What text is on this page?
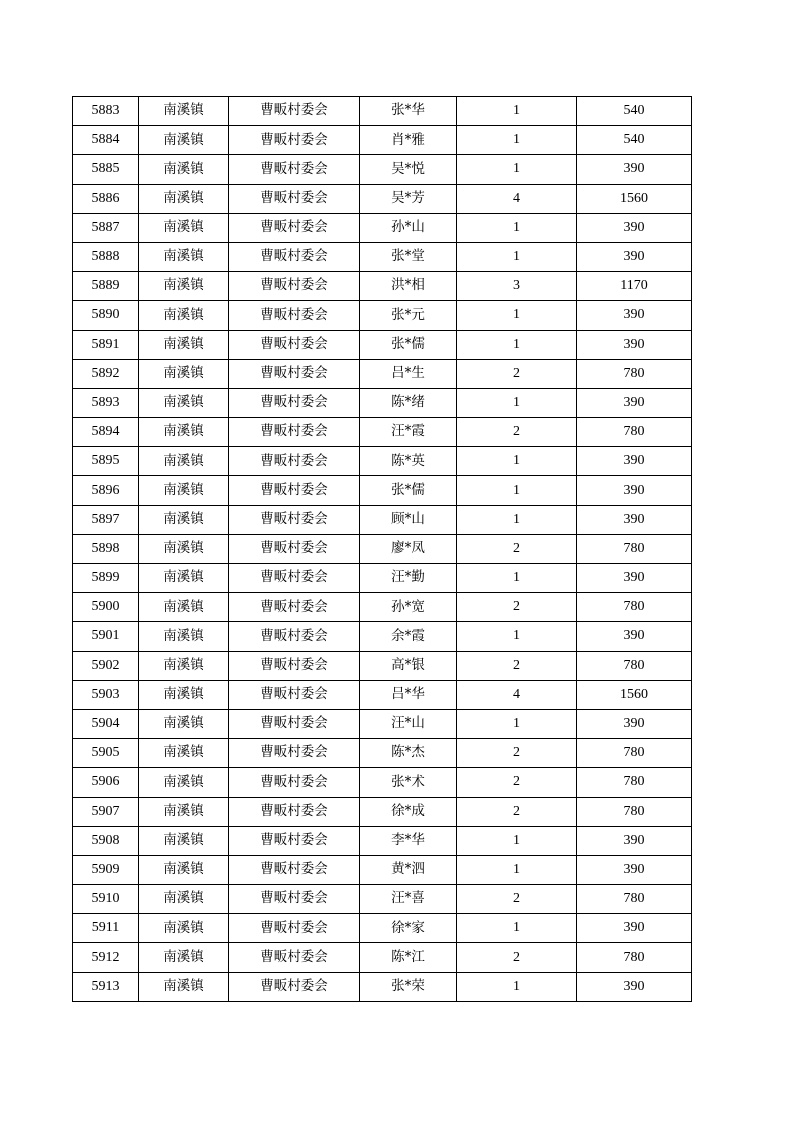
5883	南溪镇	曹畈村委会	张*华	1	540
5884	南溪镇	曹畈村委会	肖*雅	1	540
5885	南溪镇	曹畈村委会	吴*悦	1	390
5886	南溪镇	曹畈村委会	吴*芳	4	1560
5887	南溪镇	曹畈村委会	孙*山	1	390
5888	南溪镇	曹畈村委会	张*堂	1	390
5889	南溪镇	曹畈村委会	洪*相	3	1170
5890	南溪镇	曹畈村委会	张*元	1	390
5891	南溪镇	曹畈村委会	张*儒	1	390
5892	南溪镇	曹畈村委会	吕*生	2	780
5893	南溪镇	曹畈村委会	陈*绪	1	390
5894	南溪镇	曹畈村委会	汪*霞	2	780
5895	南溪镇	曹畈村委会	陈*英	1	390
5896	南溪镇	曹畈村委会	张*儒	1	390
5897	南溪镇	曹畈村委会	顾*山	1	390
5898	南溪镇	曹畈村委会	廖*凤	2	780
5899	南溪镇	曹畈村委会	汪*勤	1	390
5900	南溪镇	曹畈村委会	孙*宽	2	780
5901	南溪镇	曹畈村委会	余*霞	1	390
5902	南溪镇	曹畈村委会	高*银	2	780
5903	南溪镇	曹畈村委会	吕*华	4	1560
5904	南溪镇	曹畈村委会	汪*山	1	390
5905	南溪镇	曹畈村委会	陈*杰	2	780
5906	南溪镇	曹畈村委会	张*术	2	780
5907	南溪镇	曹畈村委会	徐*成	2	780
5908	南溪镇	曹畈村委会	李*华	1	390
5909	南溪镇	曹畈村委会	黄*泗	1	390
5910	南溪镇	曹畈村委会	汪*喜	2	780
5911	南溪镇	曹畈村委会	徐*家	1	390
5912	南溪镇	曹畈村委会	陈*江	2	780
5913	南溪镇	曹畈村委会	张*荣	1	390
